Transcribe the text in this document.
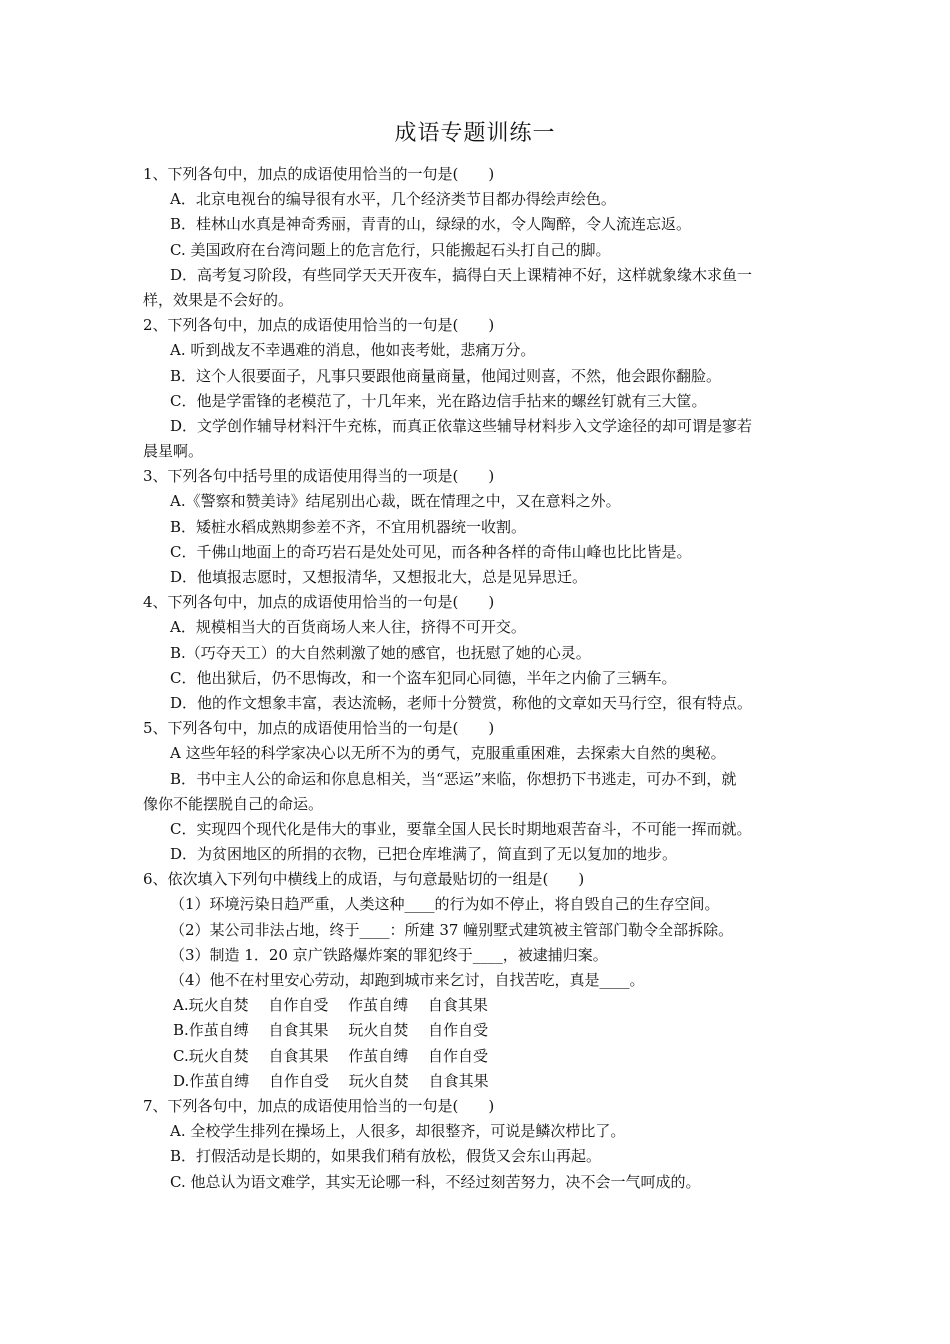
成语专题训练一
1、下列各句中，加点的成语使用恰当的一句是(　　)
A．北京电视台的编导很有水平，几个经济类节目都办得绘声绘色。
B．桂林山水真是神奇秀丽，青青的山，绿绿的水，令人陶醉，令人流连忘返。
C. 美国政府在台湾问题上的危言危行，只能搬起石头打自己的脚。
D．高考复习阶段，有些同学天天开夜车，搞得白天上课精神不好，这样就象缘木求鱼一
样，效果是不会好的。
2、下列各句中，加点的成语使用恰当的一句是(　　)
A. 听到战友不幸遇难的消息，他如丧考妣，悲痛万分。
B．这个人很要面子，凡事只要跟他商量商量，他闻过则喜，不然，他会跟你翻脸。
C．他是学雷锋的老模范了，十几年来，光在路边信手拈来的螺丝钉就有三大筐。
D．文学创作辅导材料汗牛充栋，而真正依靠这些辅导材料步入文学途径的却可谓是寥若
晨星啊。
3、下列各句中括号里的成语使用得当的一项是(　　)
A.《警察和赞美诗》结尾别出心裁，既在情理之中，又在意料之外。
B．矮桩水稻成熟期参差不齐，不宜用机器统一收割。
C．千佛山地面上的奇巧岩石是处处可见，而各种各样的奇伟山峰也比比皆是。
D．他填报志愿时，又想报清华，又想报北大，总是见异思迁。
4、下列各句中，加点的成语使用恰当的一句是(　　)
A．规模相当大的百货商场人来人往，挤得不可开交。
B.（巧夺天工）的大自然刺激了她的感官，也抚慰了她的心灵。
C．他出狱后，仍不思悔改，和一个盗车犯同心同德，半年之内偷了三辆车。
D．他的作文想象丰富，表达流畅，老师十分赞赏，称他的文章如天马行空，很有特点。
5、下列各句中，加点的成语使用恰当的一句是(　　)
A 这些年轻的科学家决心以无所不为的勇气，克服重重困难，去探索大自然的奥秘。
B．书中主人公的命运和你息息相关，当“恶运”来临，你想扔下书逃走，可办不到，就
像你不能摆脱自己的命运。
C．实现四个现代化是伟大的事业，要靠全国人民长时期地艰苦奋斗，不可能一挥而就。
D．为贫困地区的所捐的衣物，已把仓库堆满了，简直到了无以复加的地步。
6、依次填入下列句中横线上的成语，与句意最贴切的一组是(　　)
（1）环境污染日趋严重，人类这种____的行为如不停止，将自毁自己的生存空间。
（2）某公司非法占地，终于____：所建 37 幢别墅式建筑被主管部门勒令全部拆除。
（3）制造 1．20 京广铁路爆炸案的罪犯终于____，被逮捕归案。
（4）他不在村里安心劳动，却跑到城市来乞讨，自找苦吃，真是____。
A.玩火自焚　 自作自受　 作茧自缚　 自食其果
B.作茧自缚　 自食其果　 玩火自焚　 自作自受
C.玩火自焚　 自食其果　 作茧自缚　 自作自受
D.作茧自缚　 自作自受　 玩火自焚　 自食其果
7、下列各句中，加点的成语使用恰当的一句是(　　)
A. 全校学生排列在操场上，人很多，却很整齐，可说是鳞次栉比了。
B．打假活动是长期的，如果我们稍有放松，假货又会东山再起。
C. 他总认为语文难学，其实无论哪一科，不经过刻苦努力，决不会一气呵成的。
